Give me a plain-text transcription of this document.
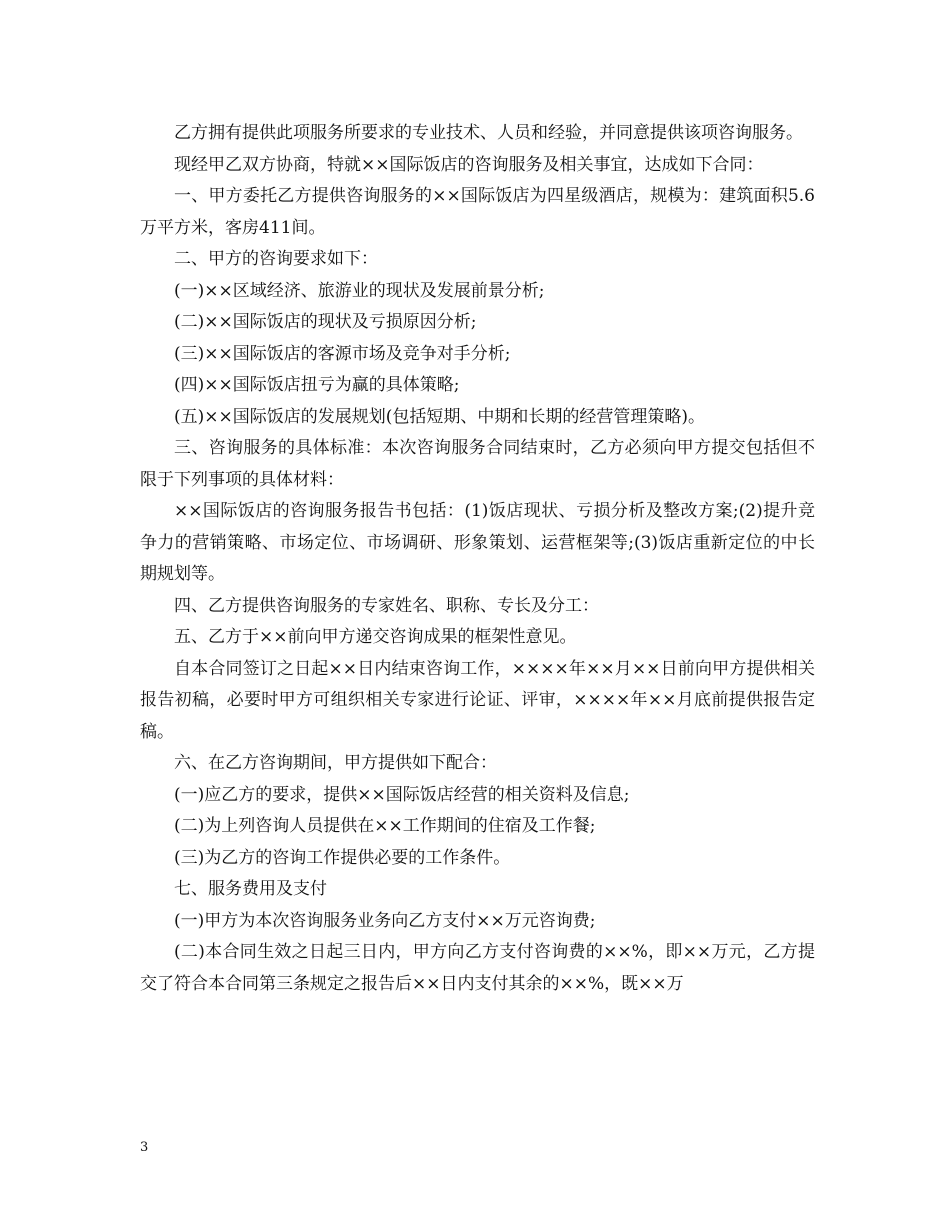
乙方拥有提供此项服务所要求的专业技术、人员和经验，并同意提供该项咨询服务。

现经甲乙双方协商，特就××国际饭店的咨询服务及相关事宜，达成如下合同：

一、甲方委托乙方提供咨询服务的××国际饭店为四星级酒店，规模为：建筑面积5.6万平方米，客房411间。

二、甲方的咨询要求如下：

(一)××区域经济、旅游业的现状及发展前景分析;

(二)××国际饭店的现状及亏损原因分析;

(三)××国际饭店的客源市场及竞争对手分析;

(四)××国际饭店扭亏为赢的具体策略;

(五)××国际饭店的发展规划(包括短期、中期和长期的经营管理策略)。

三、咨询服务的具体标准：本次咨询服务合同结束时，乙方必须向甲方提交包括但不限于下列事项的具体材料：

××国际饭店的咨询服务报告书包括：(1)饭店现状、亏损分析及整改方案;(2)提升竞争力的营销策略、市场定位、市场调研、形象策划、运营框架等;(3)饭店重新定位的中长期规划等。

四、乙方提供咨询服务的专家姓名、职称、专长及分工：

五、乙方于××前向甲方递交咨询成果的框架性意见。

自本合同签订之日起××日内结束咨询工作，××××年××月××日前向甲方提供相关报告初稿，必要时甲方可组织相关专家进行论证、评审，××××年××月底前提供报告定稿。

六、在乙方咨询期间，甲方提供如下配合：

(一)应乙方的要求，提供××国际饭店经营的相关资料及信息;

(二)为上列咨询人员提供在××工作期间的住宿及工作餐;

(三)为乙方的咨询工作提供必要的工作条件。

七、服务费用及支付

(一)甲方为本次咨询服务业务向乙方支付××万元咨询费;

(二)本合同生效之日起三日内，甲方向乙方支付咨询费的××%，即××万元，乙方提交了符合本合同第三条规定之报告后××日内支付其余的××%，既××万

3
